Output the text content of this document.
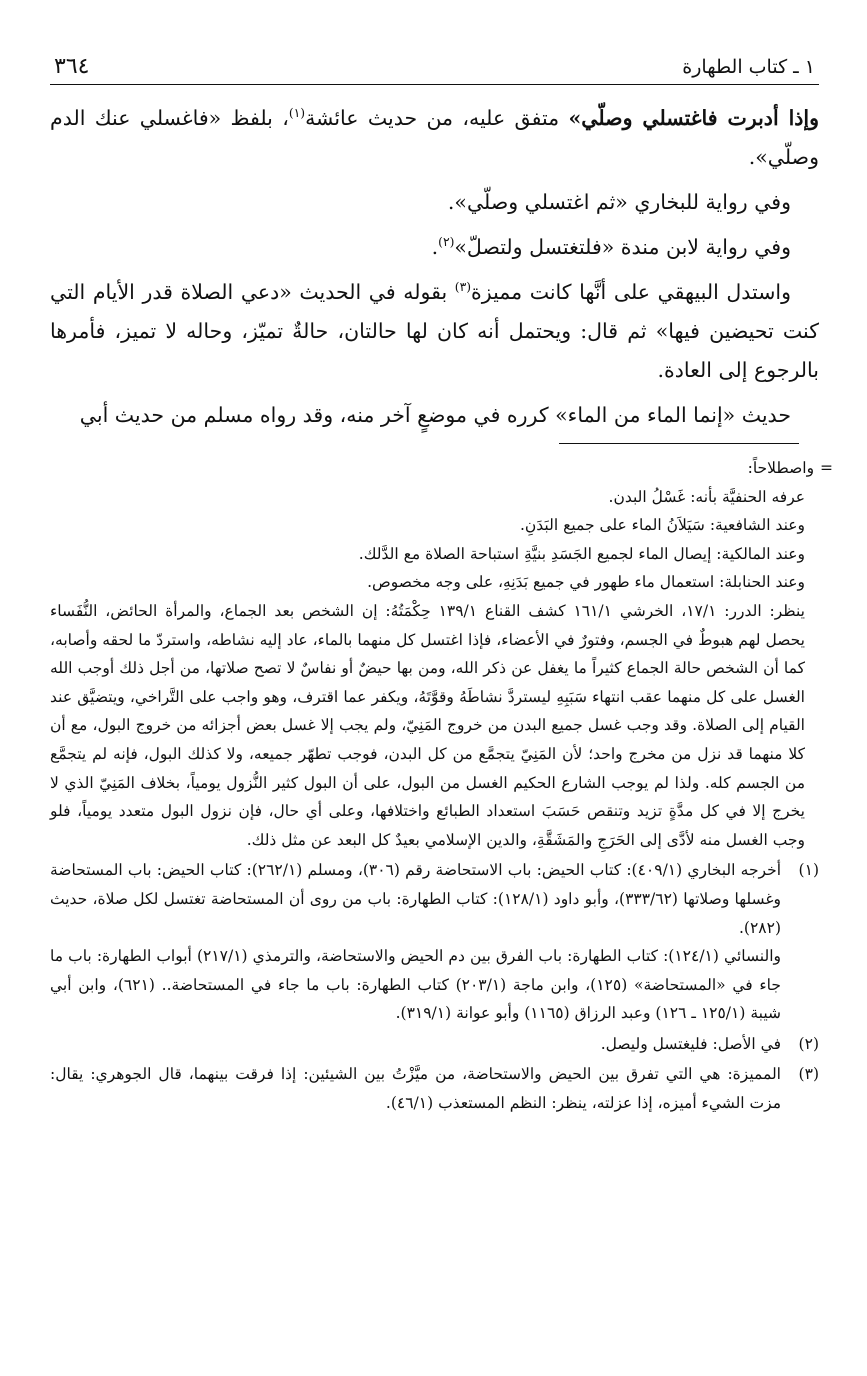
١ ـ كتاب الطهارة
٣٦٤

وإذا أدبرت فاغتسلي وصلّي» متفق عليه، من حديث عائشة$^{(١)}$، بلفظ «فاغسلي عنك الدم وصلّي».

وفي رواية للبخاري «ثم اغتسلي وصلّي».

وفي رواية لابن مندة «فلتغتسل ولتصلّ»$^{(٢)}$.

واستدل البيهقي على أنَّها كانت مميزة$^{(٣)}$ بقوله في الحديث «دعي الصلاة قدر الأيام التي كنت تحيضين فيها» ثم قال: ويحتمل أنه كان لها حالتان، حالةٌ تميّز، وحاله لا تميز، فأمرها بالرجوع إلى العادة.

حديث «إنما الماء من الماء» كرره في موضعٍ آخر منه، وقد رواه مسلم من حديث أبي

= واصطلاحاً:

عرفه الحنفيَّة بأنه: غَسْلُ البدن.

وعند الشافعية: سَيَلاَنُ الماء على جميع البَدَنِ.

وعند المالكية: إيصال الماء لجميع الجَسَدِ بنيَّةِ استباحة الصلاة مع الدَّلك.

وعند الحنابلة: استعمال ماء طهور في جميع بَدَنِهِ، على وجه مخصوص.

ينظر: الدرر: ١٧/١، الخرشي ١٦١/١ كشف القناع ١٣٩/١ حِكْمَتُهُ: إن الشخص بعد الجماع، والمرأة الحائض، النُّفَساء يحصل لهم هبوطٌ في الجسم، وفتورٌ في الأعضاء، فإذا اغتسل كل منهما بالماء، عاد إليه نشاطه، واستردّ ما لحقه وأصابه، كما أن الشخص حالة الجماع كثيراً ما يغفل عن ذكر الله، ومن بها حيضٌ أو نفاسٌ لا تصح صلاتها، من أجل ذلك أوجب الله الغسل على كل منهما عقب انتهاء سَبَبِهِ ليستردَّ نشاطَهُ وقوَّتَهُ، ويكفر عما اقترف، وهو واجب على التَّراخي، ويتضيَّق عند القيام إلى الصلاة. وقد وجب غسل جميع البدن من خروج المَنِيّ، ولم يجب إلا غسل بعض أجزائه من خروج البول، مع أن كلا منهما قد نزل من مخرج واحد؛ لأن المَنِيّ يتجمَّع من كل البدن، فوجب تطهّر جميعه، ولا كذلك البول، فإنه لم يتجمَّع من الجسم كله. ولذا لم يوجب الشارع الحكيم الغسل من البول، على أن البول كثير النُّزول يومياً، بخلاف المَنِيّ الذي لا يخرج إلا في كل مدَّةٍ تزيد وتنقص حَسَبَ استعداد الطبائع واختلافها، وعلى أي حال، فإن نزول البول متعدد يومياً، فلو وجب الغسل منه لأدَّى إلى الحَرَجِ والمَشَقَّةِ، والدين الإسلامي بعيدٌ كل البعد عن مثل ذلك.

(١)

أخرجه البخاري (٤٠٩/١): كتاب الحيض: باب الاستحاضة رقم (٣٠٦)، ومسلم (٢٦٢/١): كتاب الحيض: باب المستحاضة وغسلها وصلاتها (٣٣٣/٦٢)، وأبو داود (١٢٨/١): كتاب الطهارة: باب من روى أن المستحاضة تغتسل لكل صلاة، حديث (٢٨٢).

والنسائي (١٢٤/١): كتاب الطهارة: باب الفرق بين دم الحيض والاستحاضة، والترمذي (٢١٧/١) أبواب الطهارة: باب ما جاء في «المستحاضة» (١٢٥)، وابن ماجة (٢٠٣/١) كتاب الطهارة: باب ما جاء في المستحاضة.. (٦٢١)، وابن أبي شيبة (١٢٥/١ ـ ١٢٦) وعبد الرزاق (١١٦٥) وأبو عوانة (٣١٩/١).

(٢)

في الأصل: فليغتسل وليصل.

(٣)

المميزة: هي التي تفرق بين الحيض والاستحاضة، من ميَّزْتُ بين الشيئين: إذا فرقت بينهما، قال الجوهري: يقال: مزت الشيء أميزه، إذا عزلته، ينظر: النظم المستعذب (٤٦/١).
